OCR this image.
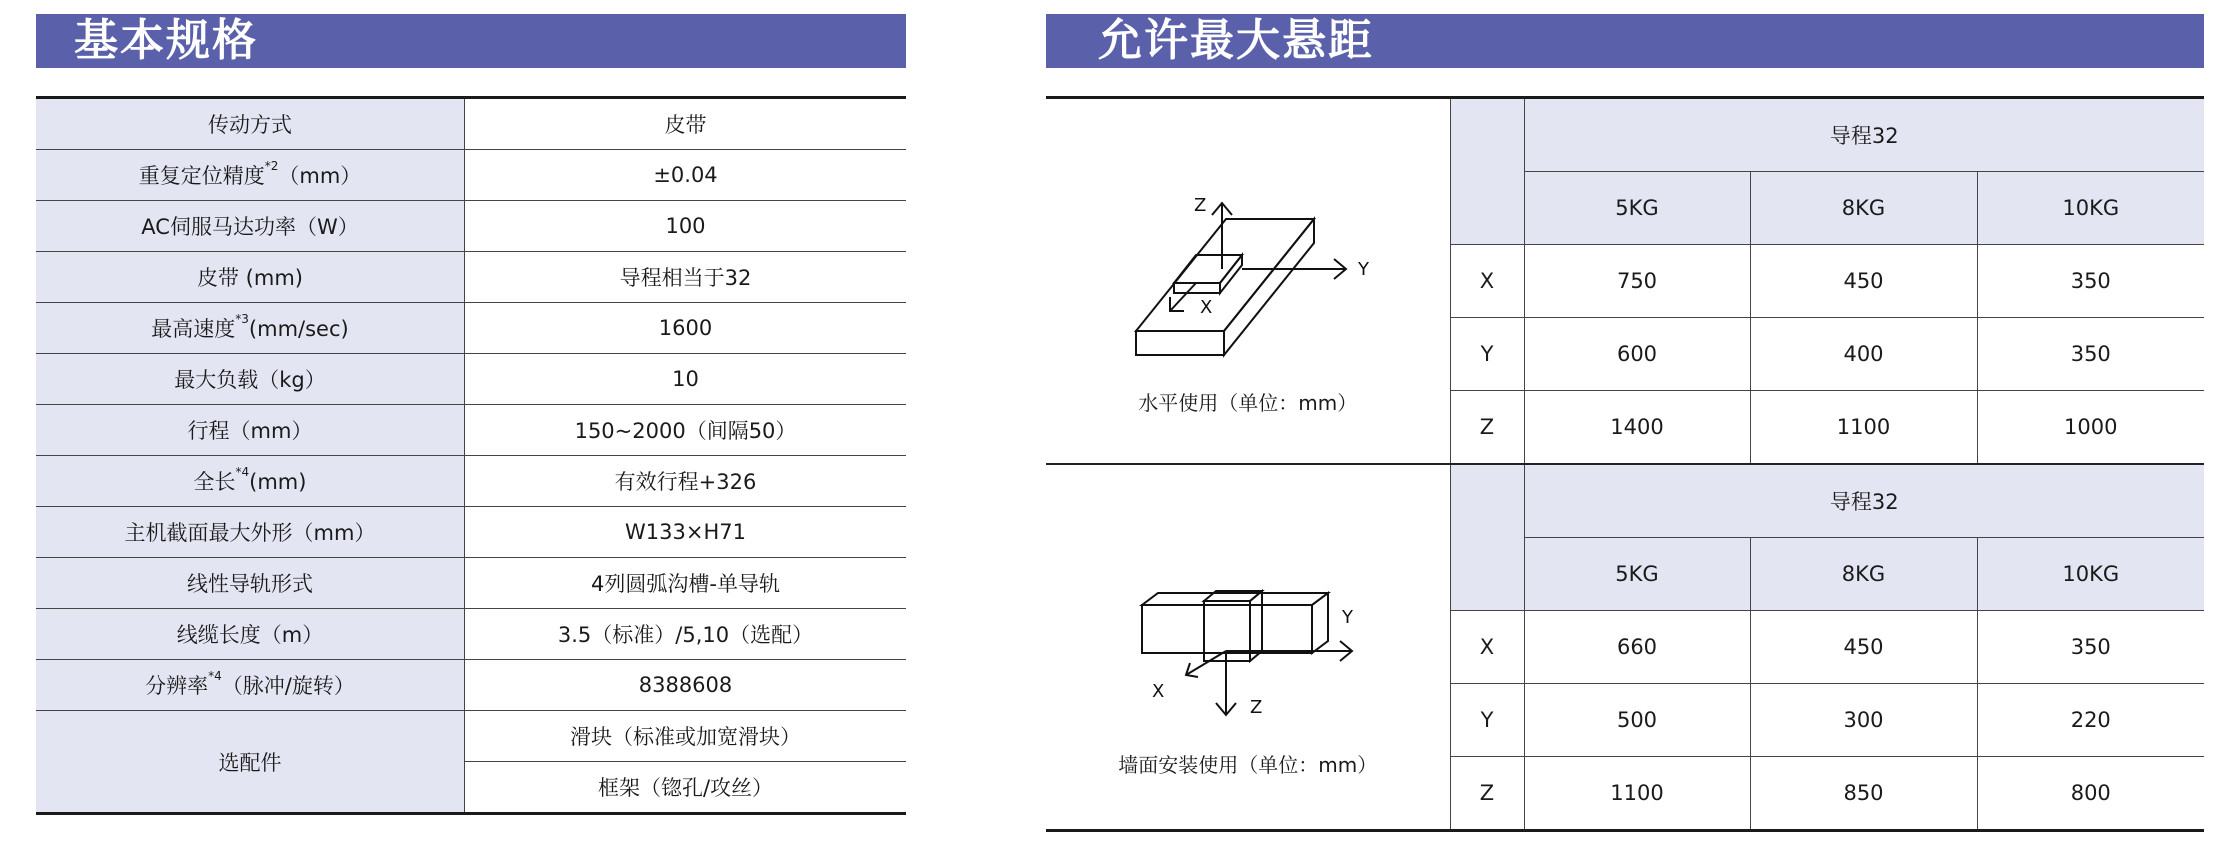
基本规格	允许最大悬距
传动方式	皮带
重复定位精度$^{*2}$（mm）	±0.04
AC伺服马达功率（W）	100
皮带 (mm)	导程相当于32
最高速度$^{*3}$(mm/sec)	1600
最大负载（kg）	10
行程（mm）	150~2000（间隔50）
全长$^{*4}$(mm)	有效行程+326
主机截面最大外形（mm）	W133×H71
线性导轨形式	4列圆弧沟槽-单导轨
线缆长度（m）	3.5（标准）/5,10（选配）
分辨率$^{*4}$（脉冲/旋转）	8388608
选配件	滑块（标准或加宽滑块）
	框架（锪孔/攻丝）
Z
Y
X
水平使用（单位：mm）		导程32		
		5KG	8KG	10KG
	X	750	450	350
	Y	600	400	350
	Z	1400	1100	1000

Y
X
Z
墙面安装使用（单位：mm）		导程32		
		5KG	8KG	10KG
	X	660	450	350
	Y	500	300	220
	Z	1100	850	800
